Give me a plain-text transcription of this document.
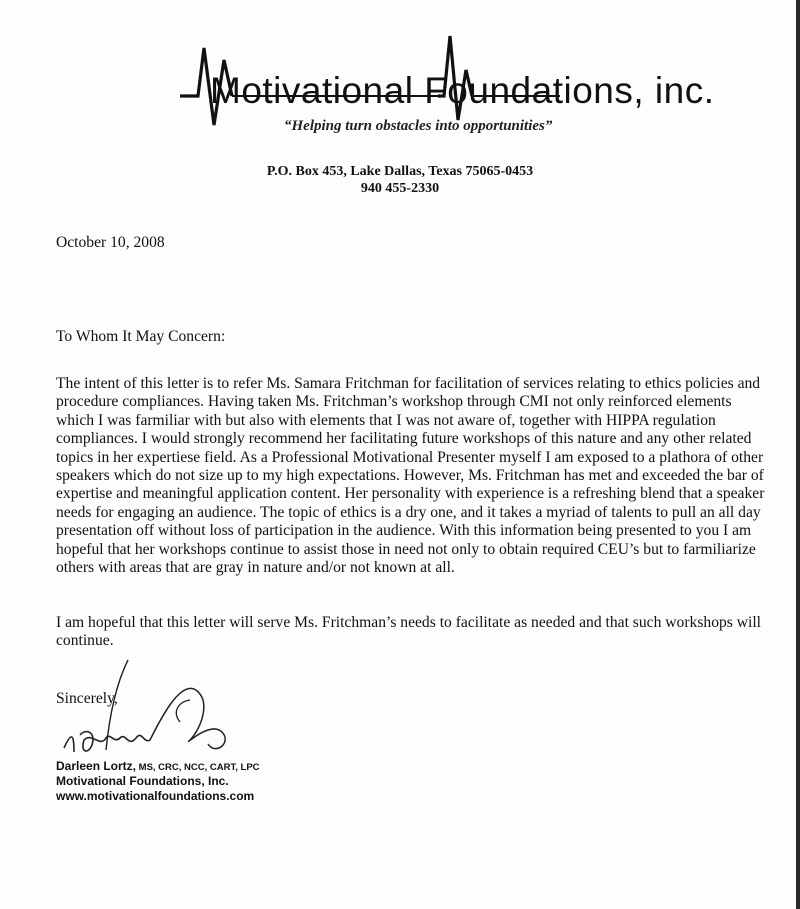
Motivational Foundations, inc.
“Helping turn obstacles into opportunities”
P.O. Box 453, Lake Dallas, Texas 75065-0453
940 455-2330
October 10, 2008
To Whom It May Concern:
The intent of this letter is to refer Ms. Samara Fritchman for facilitation of services relating to ethics policies and procedure compliances. Having taken Ms. Fritchman’s workshop through CMI not only reinforced elements which I was farmiliar with but also with elements that I was not aware of, together with HIPPA regulation compliances. I would strongly recommend her facilitating future workshops of this nature and any other related topics in her expertiese field. As a Professional Motivational Presenter myself I am exposed to a plathora of other speakers which do not size up to my high expectations. However, Ms. Fritchman has met and exceeded the bar of expertise and meaningful application content. Her personality with experience is a refreshing blend that a speaker needs for engaging an audience. The topic of ethics is a dry one, and it takes a myriad of talents to pull an all day presentation off without loss of participation in the audience. With this information being presented to you I am hopeful that her workshops continue to assist those in need not only to obtain required CEU’s but to farmiliarize others with areas that are gray in nature and/or not known at all.
I am hopeful that this letter will serve Ms. Fritchman’s needs to facilitate as needed and that such workshops will continue.
Sincerely,
Darleen Lortz, MS, CRC, NCC, CART, LPC
Motivational Foundations, Inc.
www.motivationalfoundations.com
